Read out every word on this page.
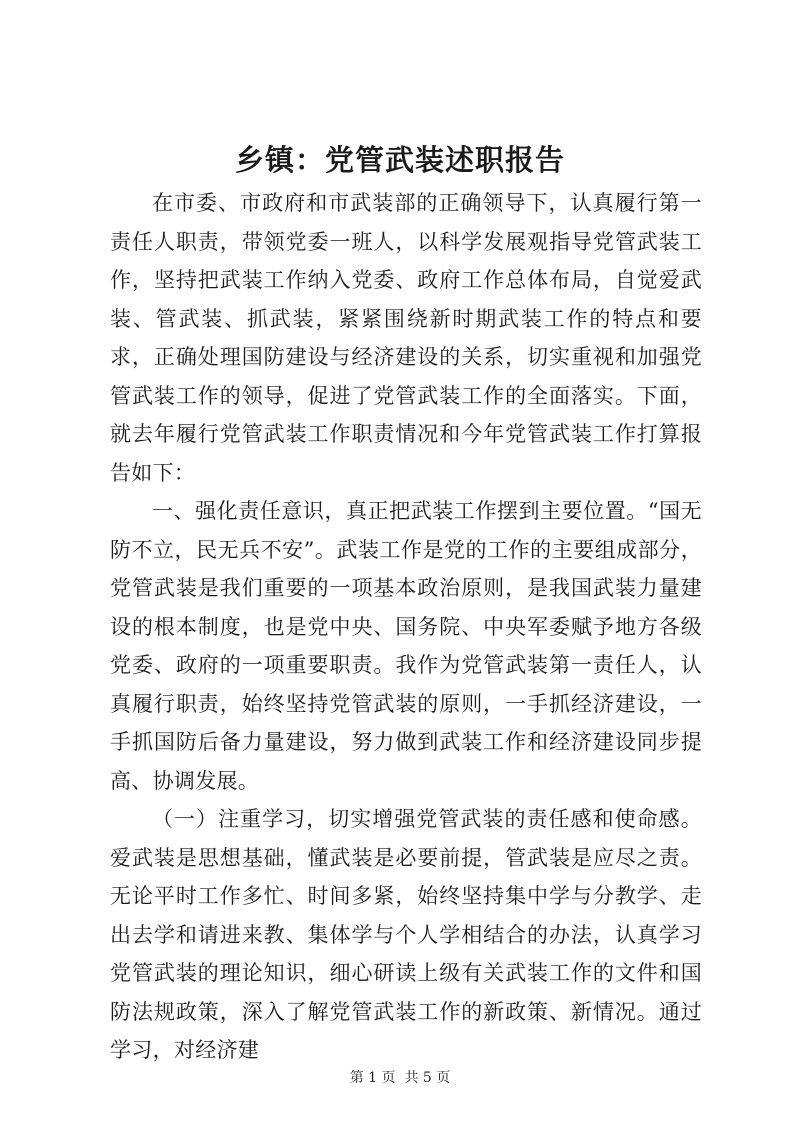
乡镇：党管武装述职报告

在市委、市政府和市武装部的正确领导下，认真履行第一责任人职责，带领党委一班人，以科学发展观指导党管武装工作，坚持把武装工作纳入党委、政府工作总体布局，自觉爱武装、管武装、抓武装，紧紧围绕新时期武装工作的特点和要求，正确处理国防建设与经济建设的关系，切实重视和加强党管武装工作的领导，促进了党管武装工作的全面落实。下面，就去年履行党管武装工作职责情况和今年党管武装工作打算报告如下：

一、强化责任意识，真正把武装工作摆到主要位置。“国无防不立，民无兵不安”。武装工作是党的工作的主要组成部分，党管武装是我们重要的一项基本政治原则，是我国武装力量建设的根本制度，也是党中央、国务院、中央军委赋予地方各级党委、政府的一项重要职责。我作为党管武装第一责任人，认真履行职责，始终坚持党管武装的原则，一手抓经济建设，一手抓国防后备力量建设，努力做到武装工作和经济建设同步提高、协调发展。

（一）注重学习，切实增强党管武装的责任感和使命感。爱武装是思想基础，懂武装是必要前提，管武装是应尽之责。无论平时工作多忙、时间多紧，始终坚持集中学与分教学、走出去学和请进来教、集体学与个人学相结合的办法，认真学习党管武装的理论知识，细心研读上级有关武装工作的文件和国防法规政策，深入了解党管武装工作的新政策、新情况。通过学习，对经济建

第 1 页  共 5 页
